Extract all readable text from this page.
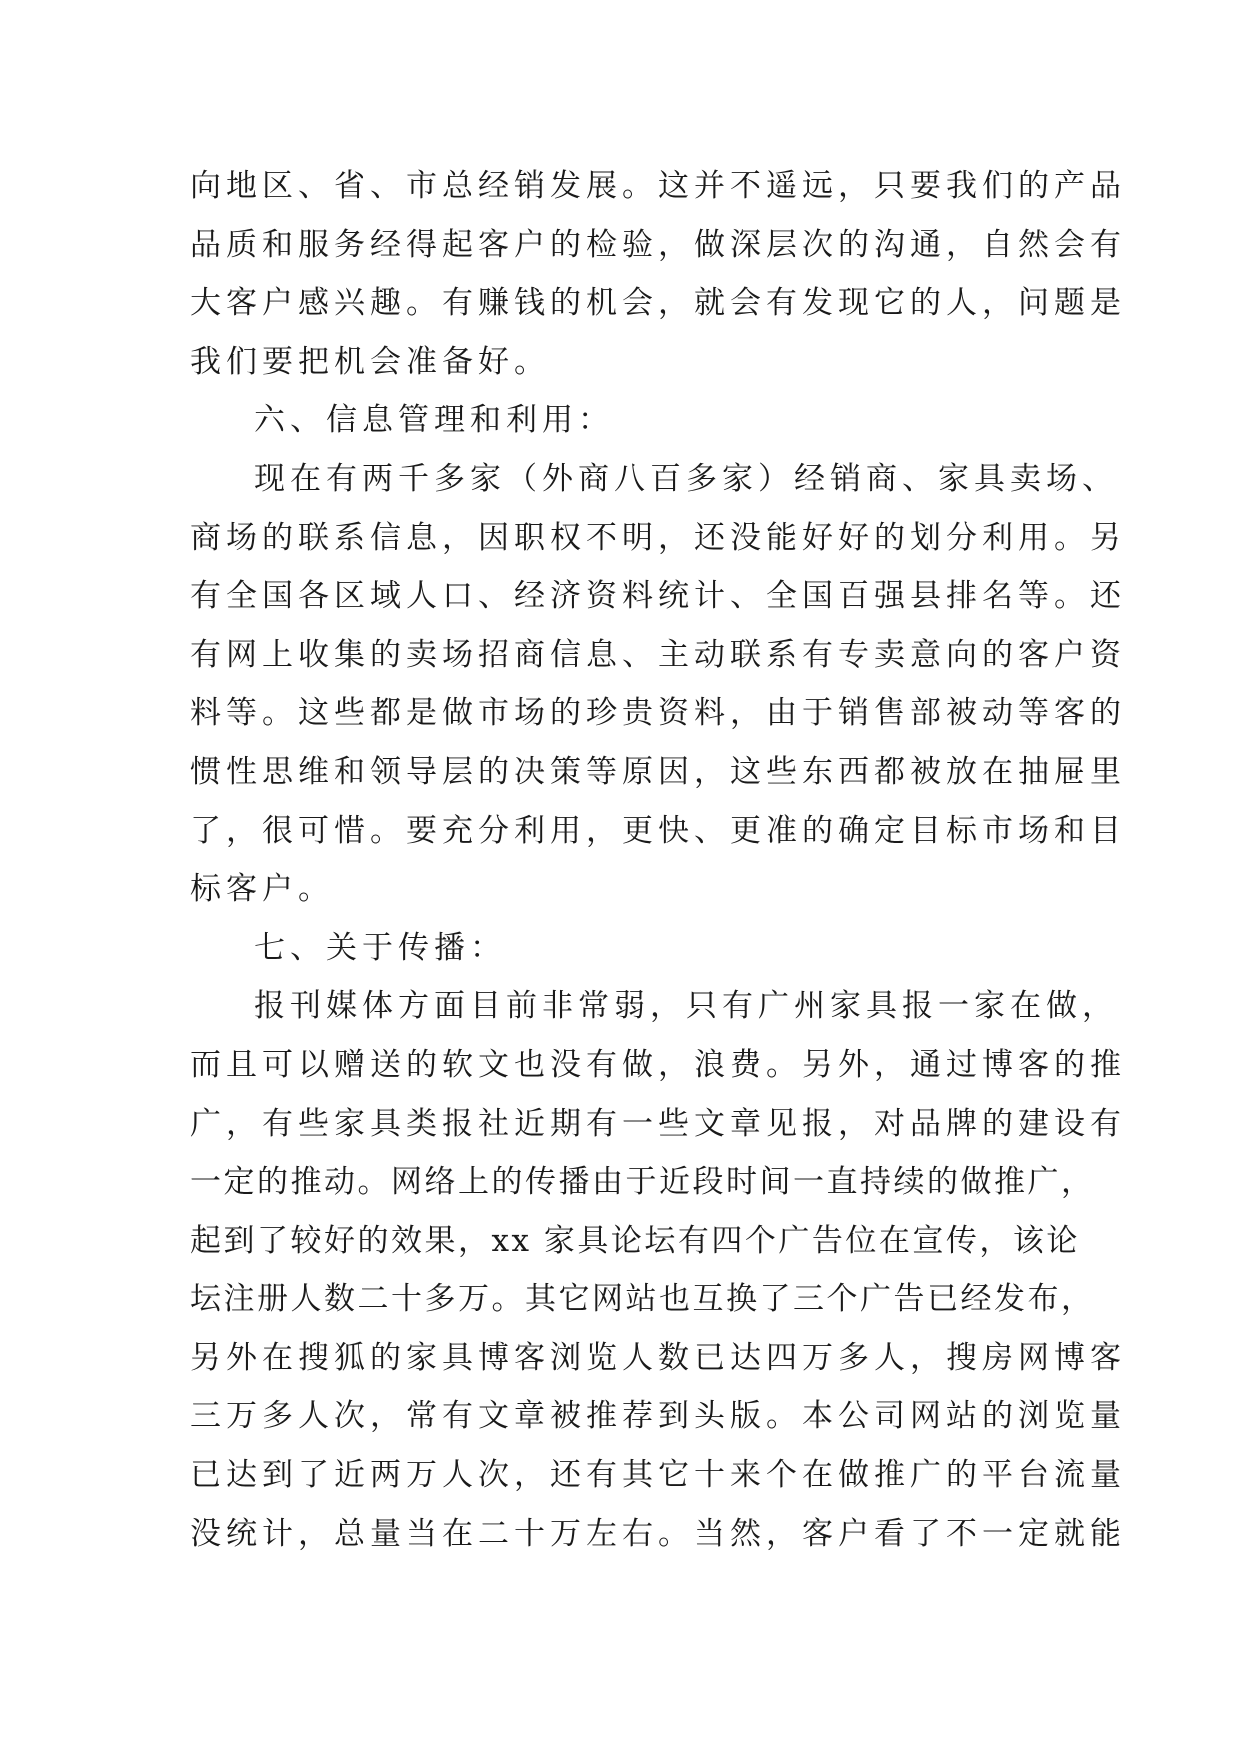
向地区、省、市总经销发展。这并不遥远，只要我们的产品
品质和服务经得起客户的检验，做深层次的沟通，自然会有
大客户感兴趣。有赚钱的机会，就会有发现它的人，问题是
我们要把机会准备好。
六、信息管理和利用：
现在有两千多家（外商八百多家）经销商、家具卖场、
商场的联系信息，因职权不明，还没能好好的划分利用。另
有全国各区域人口、经济资料统计、全国百强县排名等。还
有网上收集的卖场招商信息、主动联系有专卖意向的客户资
料等。这些都是做市场的珍贵资料，由于销售部被动等客的
惯性思维和领导层的决策等原因，这些东西都被放在抽屉里
了，很可惜。要充分利用，更快、更准的确定目标市场和目
标客户。
七、关于传播：
报刊媒体方面目前非常弱，只有广州家具报一家在做，
而且可以赠送的软文也没有做，浪费。另外，通过博客的推
广，有些家具类报社近期有一些文章见报，对品牌的建设有
一定的推动。网络上的传播由于近段时间一直持续的做推广，
起到了较好的效果，xx 家具论坛有四个广告位在宣传，该论
坛注册人数二十多万。其它网站也互换了三个广告已经发布，
另外在搜狐的家具博客浏览人数已达四万多人，搜房网博客
三万多人次，常有文章被推荐到头版。本公司网站的浏览量
已达到了近两万人次，还有其它十来个在做推广的平台流量
没统计，总量当在二十万左右。当然，客户看了不一定就能
